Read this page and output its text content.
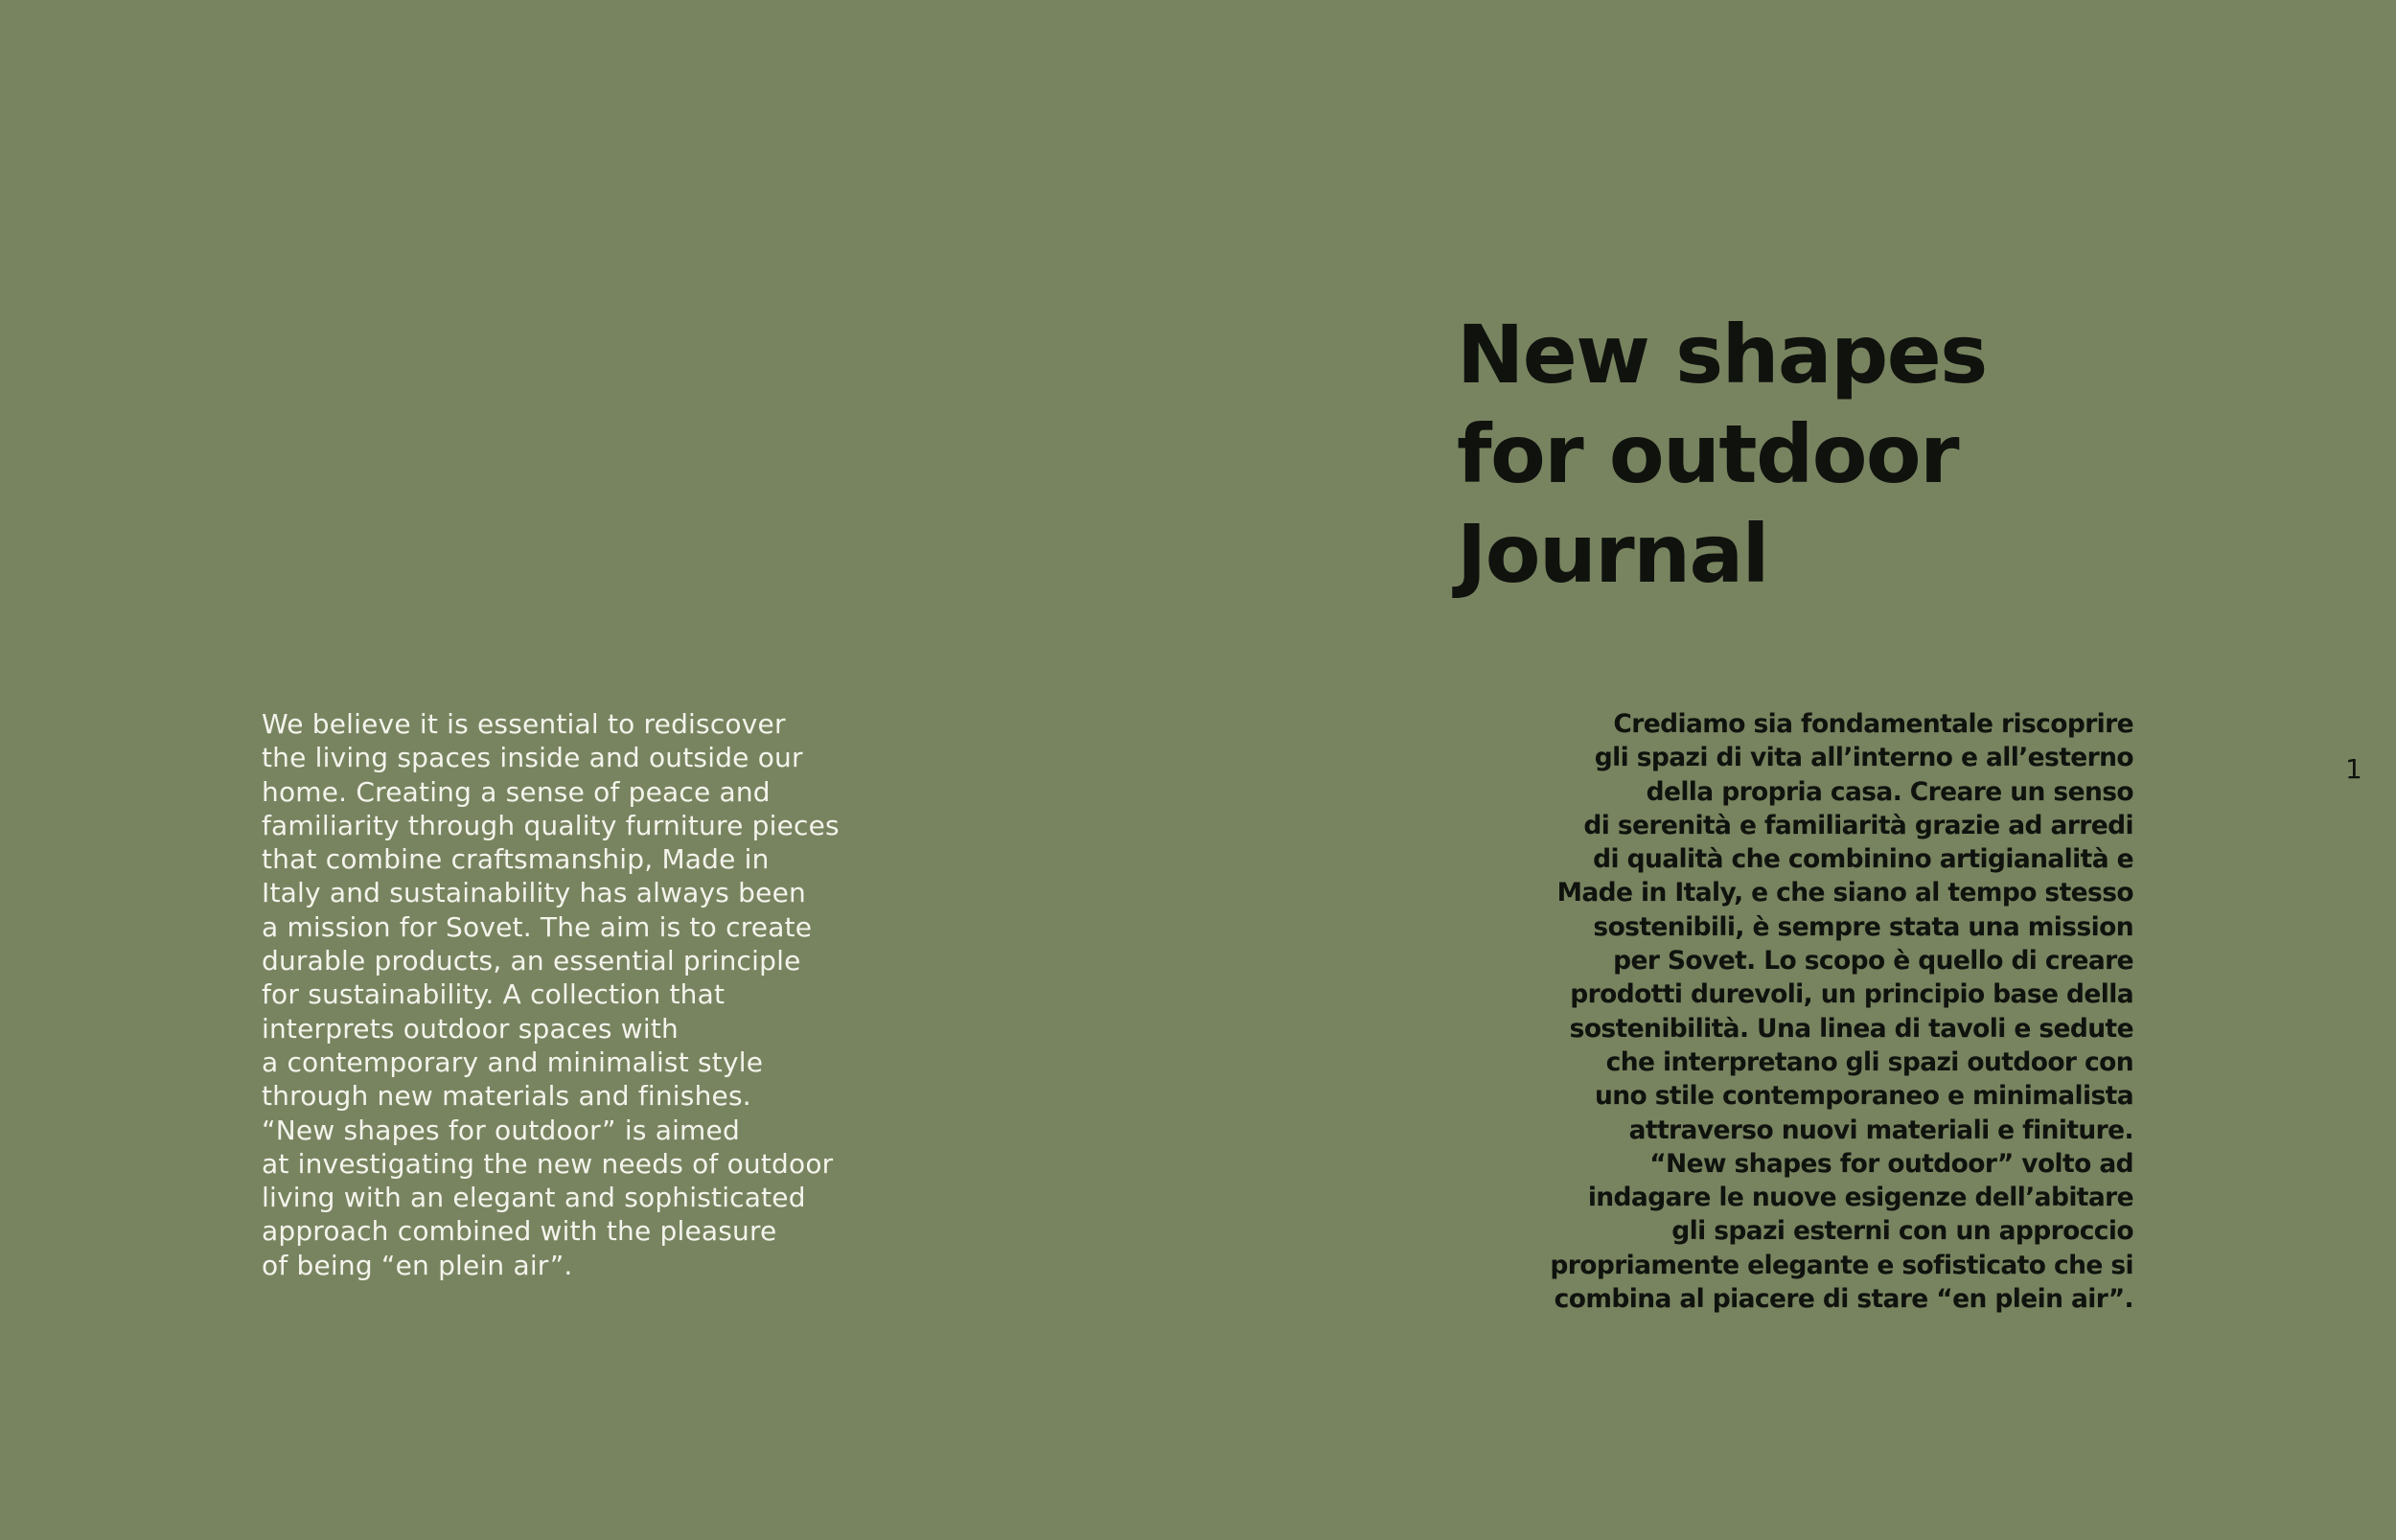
New shapes
for outdoor
Journal
We believe it is essential to rediscover
the living spaces inside and outside our
home. Creating a sense of peace and
familiarity through quality furniture pieces
that combine craftsmanship, Made in
Italy and sustainability has always been
a mission for Sovet. The aim is to create
durable products, an essential principle
for sustainability. A collection that
interprets outdoor spaces with
a contemporary and minimalist style
through new materials and finishes.
“New shapes for outdoor” is aimed
at investigating the new needs of outdoor
living with an elegant and sophisticated
approach combined with the pleasure
of being “en plein air”.
Crediamo sia fondamentale riscoprire
gli spazi di vita all’interno e all’esterno
della propria casa. Creare un senso
di serenità e familiarità grazie ad arredi
di qualità che combinino artigianalità e
Made in Italy, e che siano al tempo stesso
sostenibili, è sempre stata una mission
per Sovet. Lo scopo è quello di creare
prodotti durevoli, un principio base della
sostenibilità. Una linea di tavoli e sedute
che interpretano gli spazi outdoor con
uno stile contemporaneo e minimalista
attraverso nuovi materiali e finiture.
“New shapes for outdoor” volto ad
indagare le nuove esigenze dell’abitare
gli spazi esterni con un approccio
propriamente elegante e sofisticato che si
combina al piacere di stare “en plein air”.
1
